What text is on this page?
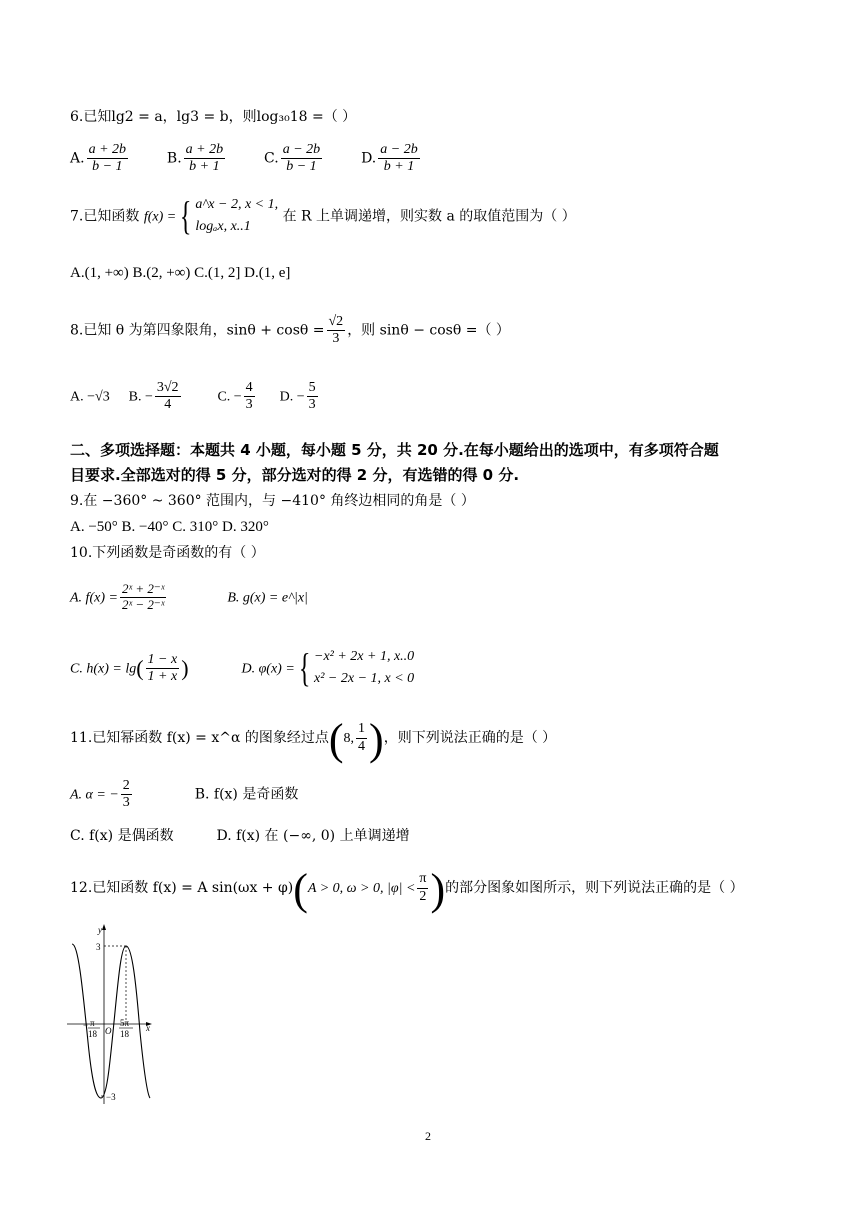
6.已知lg2 = a，lg3 = b，则log₃₀18 =（ ）
A. $\frac{a + 2b}{b - 1}$	B. $\frac{a + 2b}{b + 1}$	C. $\frac{a - 2b}{b - 1}$	D. $\frac{a - 2b}{b + 1}$
7.已知函数 f(x) ={ a^x − 2, x < 1,
logₐx, x..1
在 R 上单调递增，则实数 a 的取值范围为（ ）
A.(1, +∞) B.(2, +∞) C.(1, 2] D.(1, e]
8.已知 θ 为第四象限角，$\sin\theta + \cos\theta = \frac{√2}{3}$ ，则 sinθ − cosθ =（ ）
A. −√3 B. − $\frac{3√2}{4}$	C. − $\frac{4}{3} D$. − $\frac{5}{3}$
二、多项选择题：本题共 4 小题，每小题 5 分，共 20 分.在每小题给出的选项中，有多项符合题
目要求.全部选对的得 5 分，部分选对的得 2 分，有选错的得 0 分.
9.在 −360° ~ 360° 范围内，与 −410° 角终边相同的角是（ ）
A. −50° B. −40° C. 310° D. 320°
10.下列函数是奇函数的有（ ）
A. $f(x) = \frac{\text{2ˣ + 2⁻ˣ}}{\text{2ˣ − 2⁻ˣ}}$	B. g(x) = e^|x|
C. $h(x) = \lg( \frac{1 - x}{1 + x}$ )	D. φ(x) ={ −x² + 2x + 1, x..0
x² − 2x − 1, x < 0
11.已知幂函数 f(x) = x^α 的图象经过点(8, $\frac{1}{4}$ )，则下列说法正确的是（ ）
A. α = − $\frac{2}{3}$	B. f(x) 是奇函数
C. f(x) 是偶函数	D. f(x) 在 (−∞, 0) 上单调递增
12.已知函数 f(x) = A sin(ωx + φ)(A > 0, ω > 0, $|\varphi| < \frac{\pi}{2}$ )的部分图象如图所示，则下列说法正确的是（ ）
y
x
O
3
−3
− π
18
5π
18
2
